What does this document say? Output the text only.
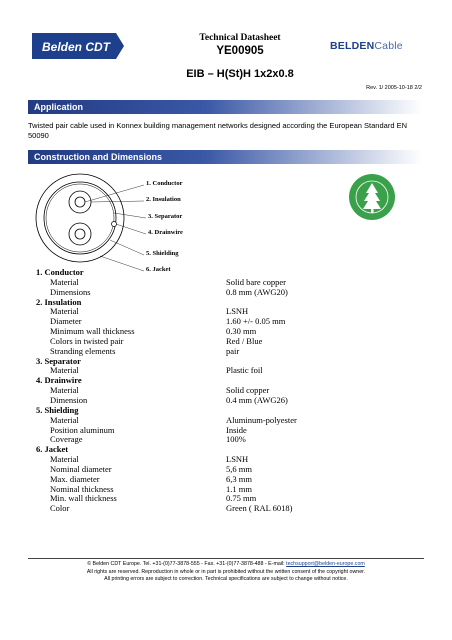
Belden CDT
Technical Datasheet
YE00905	BELDENCable
EIB – H(St)H 1x2x0.8
Rev. 1/ 2005-10-18 2/2
Application
Twisted pair cable used in Konnex building management networks designed according the European Standard EN 50090
Construction and Dimensions
1. Conductor
2. Insulation
3. Separator
4. Drainwire
5. Shielding
6. Jacket
1. Conductor
Material	Solid bare copper
Dimensions	0.8 mm (AWG20)
2. Insulation
Material	LSNH
Diameter	1.60 +/- 0.05 mm
Minimum wall thickness	0.30 mm
Colors in twisted pair	Red / Blue
Stranding elements	pair
3. Separator
Material	Plastic foil
4. Drainwire
Material	Solid copper
Dimension	0.4 mm (AWG26)
5. Shielding
Material	Aluminum-polyester
Position aluminum	Inside
Coverage	100%
6. Jacket
Material	LSNH
Nominal diameter	5,6 mm
Max. diameter	6,3 mm
Nominal thickness	1.1 mm
Min. wall thickness	0.75 mm
Color	Green ( RAL 6018)
© Belden CDT Europe. Tel. +31-(0)77-3878-555 - Fax. +31-(0)77-3878-488 - E-mail: techsupport@belden-europe.com
All rights are reserved. Reproduction in whole or in part is prohibited without the written consent of the copyright owner.
All printing errors are subject to correction. Technical specifications are subject to change without notice.
